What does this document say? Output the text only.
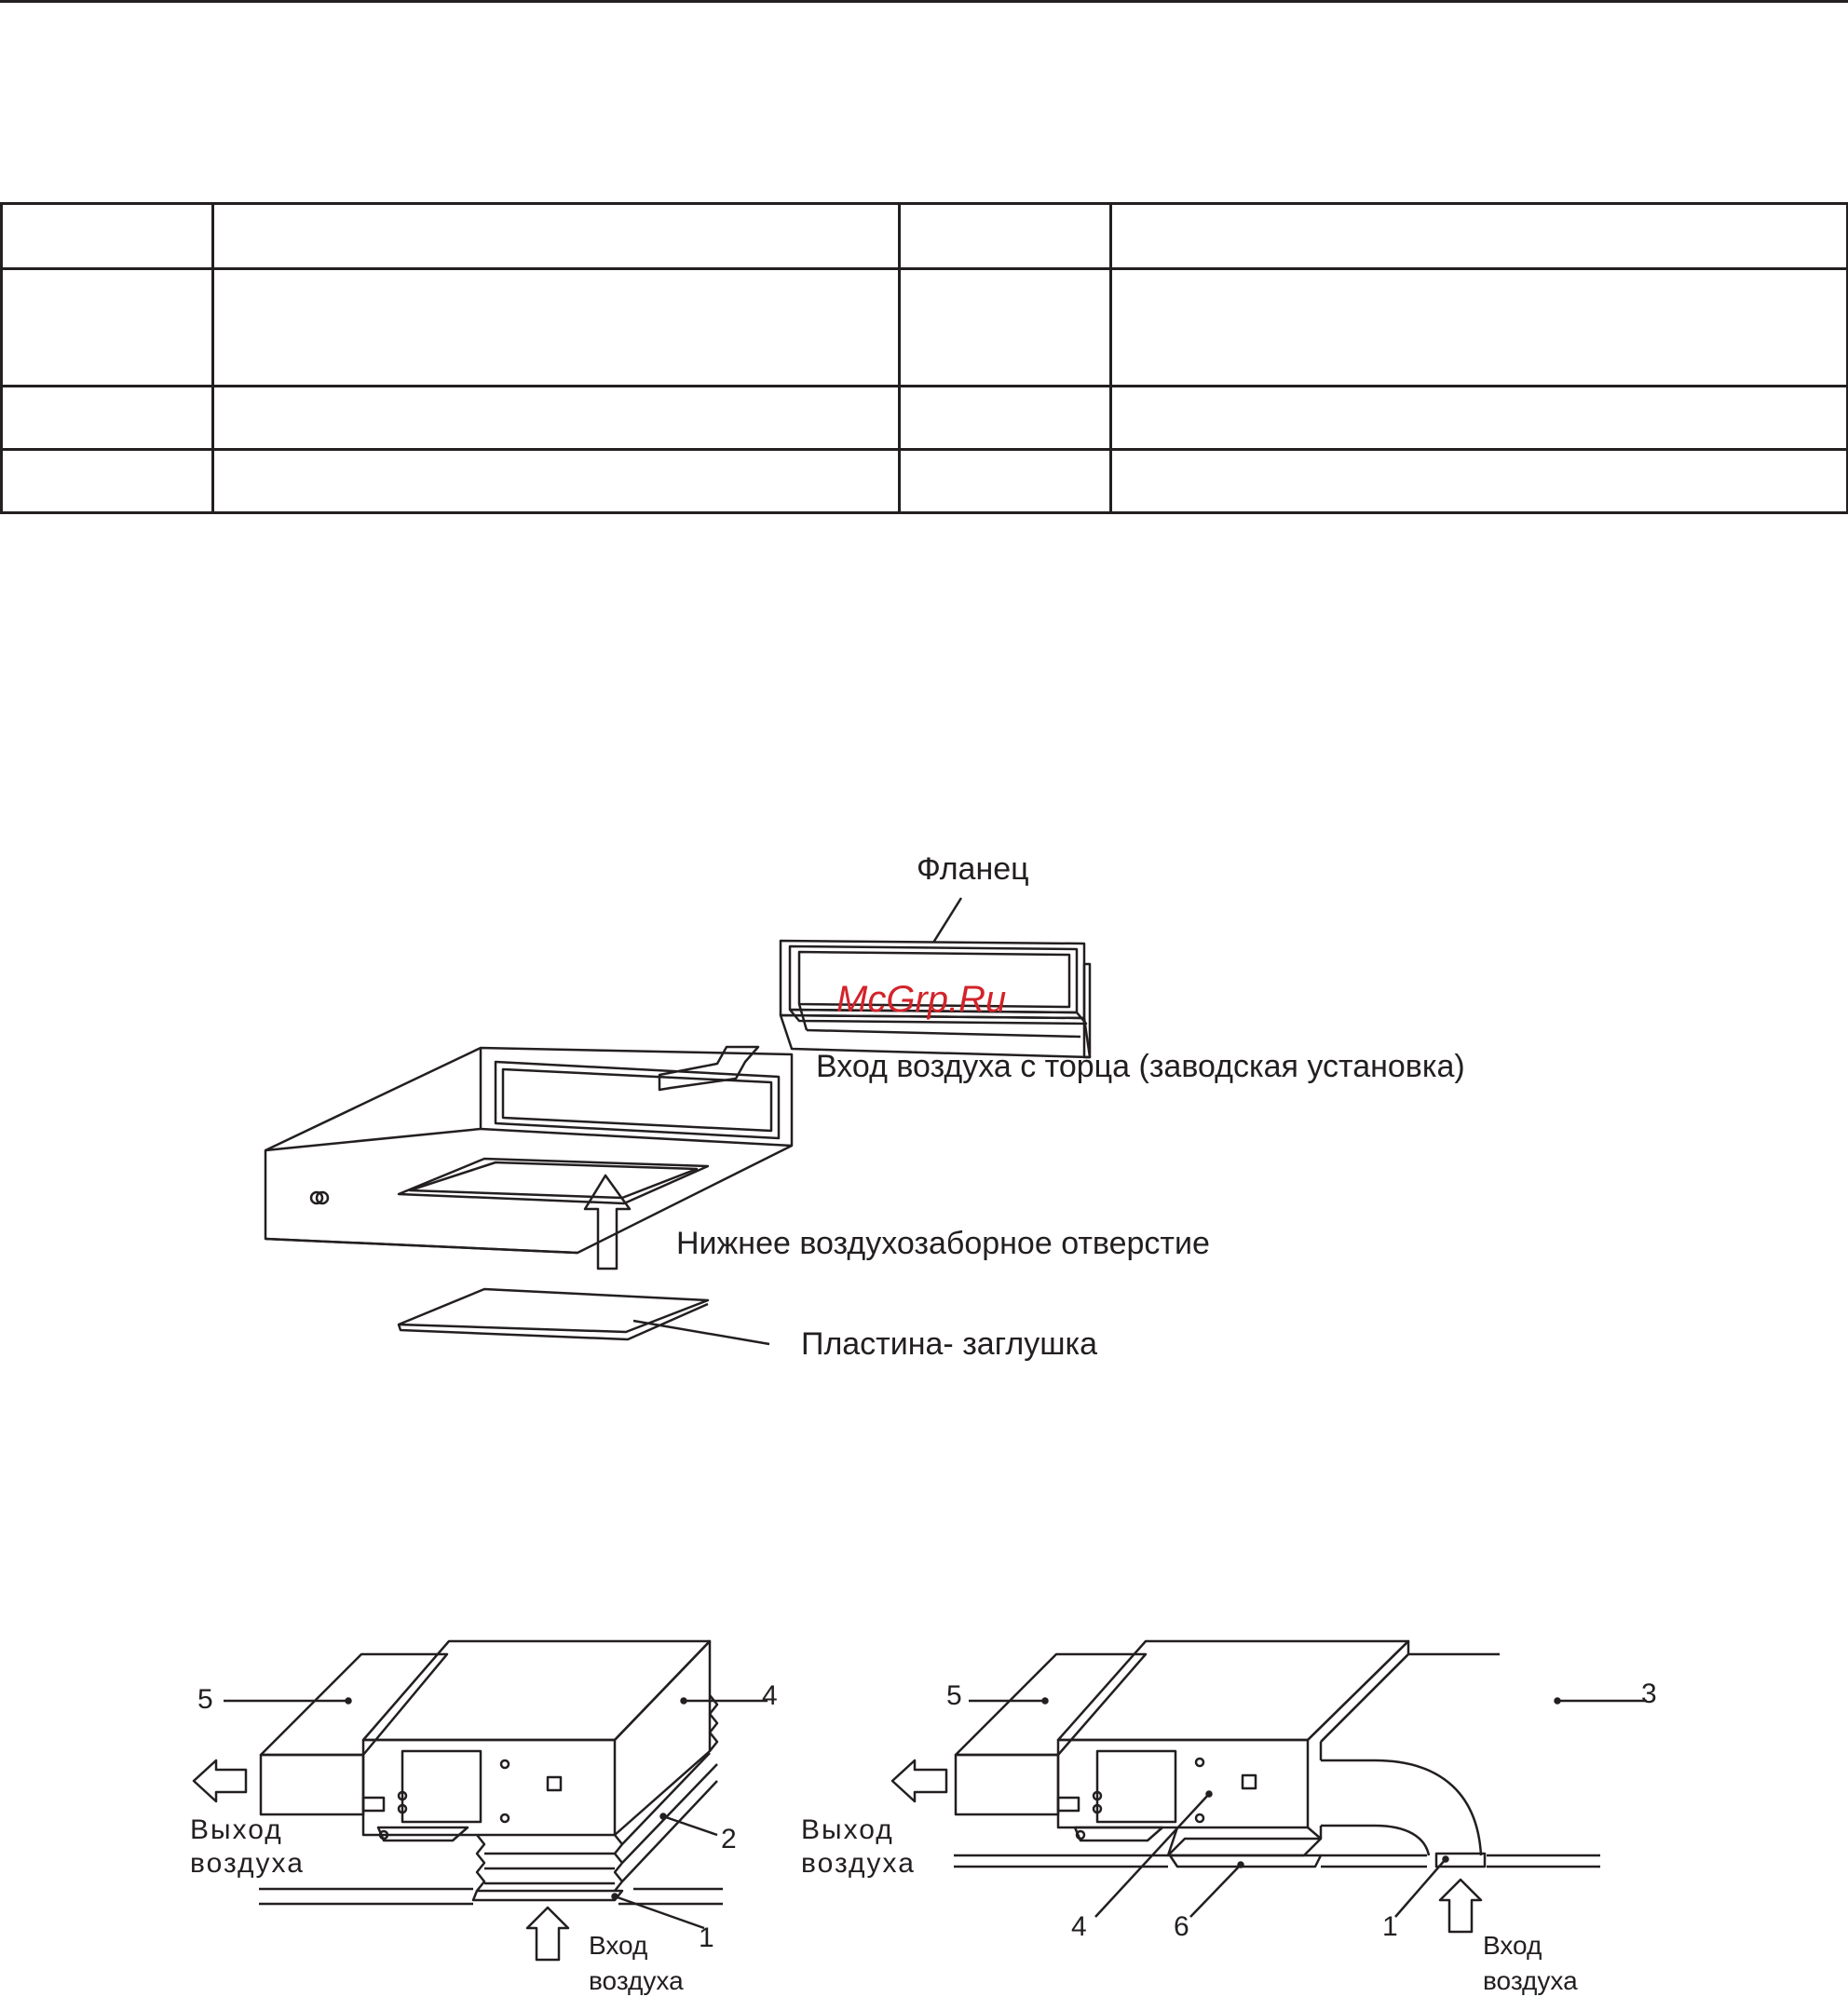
Фланец
McGrp.Ru
Вход воздуха с торца (заводская установка)
Нижнее воздухозаборное отверстие
Пластина- заглушка
5	4
2
1
Выход
воздуха
Вход
воздуха
5	3
4	6	1
Выход
воздуха
Вход
воздуха
